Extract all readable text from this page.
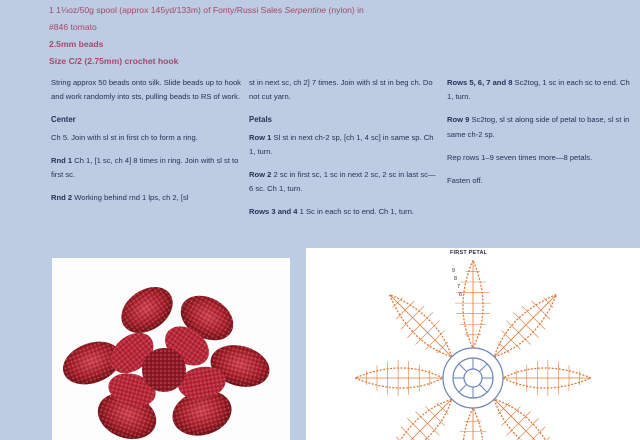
1 1⅓oz/50g spool (approx 145yd/133m) of Fonty/Russi Sales Serpentine (nylon) in
#846 tomato
2.5mm beads
Size C/2 (2.75mm) crochet hook

String approx 50 beads onto silk. Slide beads up to hook and work randomly into sts, pulling beads to RS of work.

Center

Ch 5. Join with sl st in first ch to form a ring.

Rnd 1 Ch 1, [1 sc, ch 4] 8 times in ring. Join with sl st to first sc.

Rnd 2 Working behind rnd 1 lps, ch 2, [sl

st in next sc, ch 2] 7 times. Join with sl st in beg ch. Do not cut yarn.

Petals

Row 1 Sl st in next ch-2 sp, [ch 1, 4 sc] in same sp. Ch 1, turn.

Row 2 2 sc in first sc, 1 sc in next 2 sc, 2 sc in last sc—6 sc. Ch 1, turn.

Rows 3 and 4 1 Sc in each sc to end. Ch 1, turn.

Rows 5, 6, 7 and 8 Sc2tog, 1 sc in each sc to end. Ch 1, turn.

Row 9 Sc2tog, sl st along side of petal to base, sl st in same ch-2 sp.

Rep rows 1–9 seven times more—8 petals.

Fasten off.

FIRST PETAL
9
8
7
6
